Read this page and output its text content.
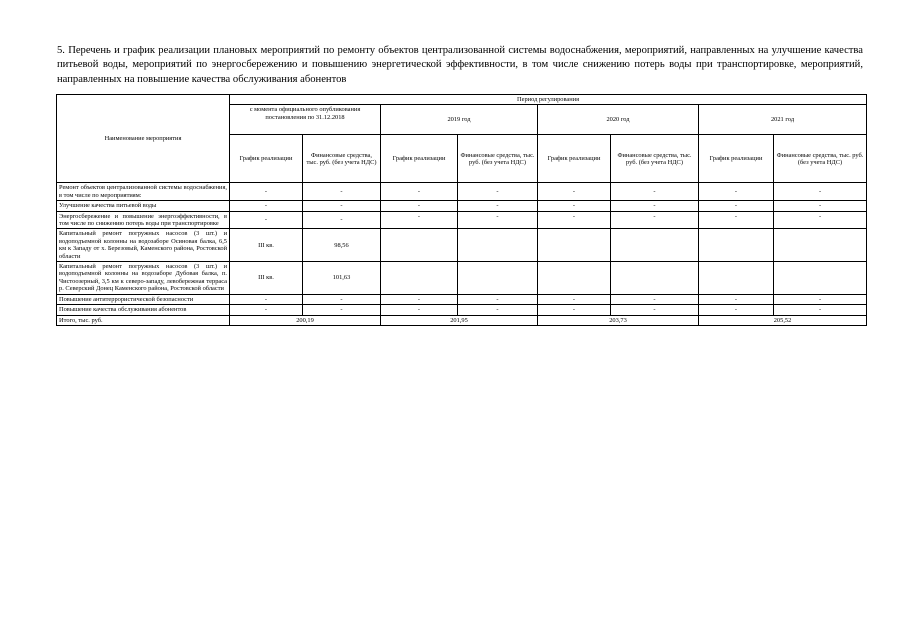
5. Перечень и график реализации плановых мероприятий по ремонту объектов централизованной системы водоснабжения, мероприятий, направленных на улучшение качества питьевой воды, мероприятий по энергосбережению и повышению энергетической эффективности, в том числе снижению потерь воды при транспортировке, мероприятий, направленных на повышение качества обслуживания абонентов
Наименование мероприятия	Период регулирования							
	с момента официального опубликования постановления по 31.12.2018		2019 год		2020 год		2021 год	
	График реализации	Финансовые средства, тыс. руб. (без учета НДС)	График реализации	Финансовые средства, тыс. руб. (без учета НДС)	График реализации	Финансовые средства, тыс. руб. (без учета НДС)	График реализации	Финансовые средства, тыс. руб. (без учета НДС)
Ремонт объектов централизованной системы водоснабжения, в том числе по мероприятиям:	-	-	-	-	-	-	-	-
Улучшение качества питьевой воды	-	-	-	-	-	-	-	-
Энергосбережение и повышение энергоэффективности, в том числе по снижению потерь воды при транспортировке	-	-	-	-	-	-	-	-
Капитальный ремонт погружных насосов (3 шт.) и водоподъемной колонны на водозаборе Осиновая балка, 6,5 км к Западу от х. Березовый, Каменского района, Ростовской области	III кв.	98,56						
Капитальный ремонт погружных насосов (3 шт.) и водоподъемной колонны на водозаборе Дубовая балка, п. Чистоозерный, 3,5 км к северо-западу, левобережная терраса р. Северский Донец Каменского района, Ростовской области	III кв.	101,63						
Повышение антитеррористической безопасности	-	-	-	-	-	-	-	-
Повышение качества обслуживания абонентов	-	-	-	-	-	-	-	-
Итого, тыс. руб.	200,19		201,95		203,73		205,52	
